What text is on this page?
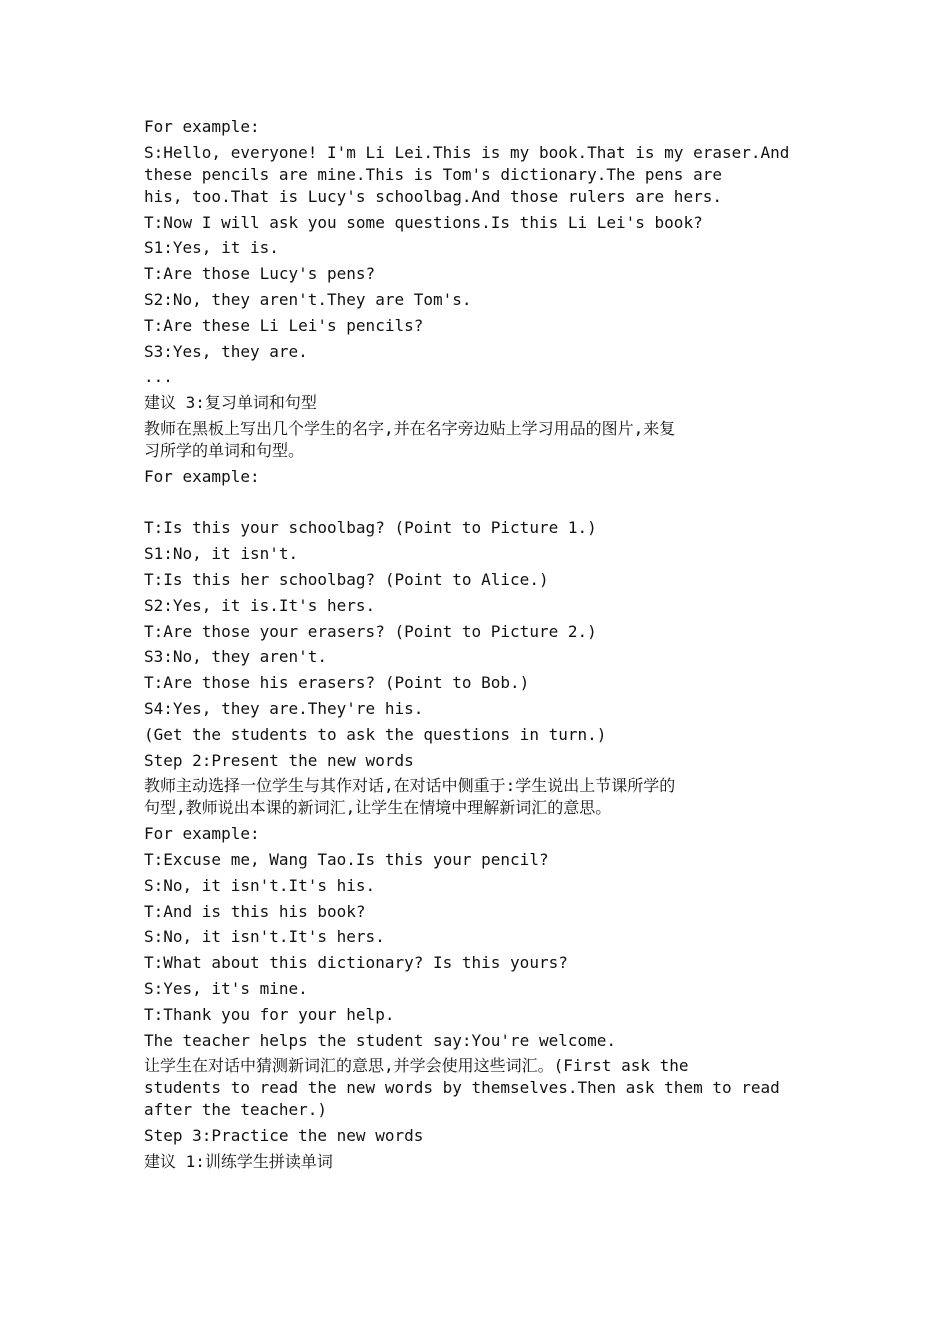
For example:
S:Hello, everyone! I'm Li Lei.This is my book.That is my eraser.And
these pencils are mine.This is Tom's dictionary.The pens are
his, too.That is Lucy's schoolbag.And those rulers are hers.
T:Now I will ask you some questions.Is this Li Lei's book?
S1:Yes, it is.
T:Are those Lucy's pens?
S2:No, they aren't.They are Tom's.
T:Are these Li Lei's pencils?
S3:Yes, they are.
...
建议 3:复习单词和句型
教师在黑板上写出几个学生的名字,并在名字旁边贴上学习用品的图片,来复
习所学的单词和句型。
For example:
T:Is this your schoolbag? (Point to Picture 1.)
S1:No, it isn't.
T:Is this her schoolbag? (Point to Alice.)
S2:Yes, it is.It's hers.
T:Are those your erasers? (Point to Picture 2.)
S3:No, they aren't.
T:Are those his erasers? (Point to Bob.)
S4:Yes, they are.They're his.
(Get the students to ask the questions in turn.)
Step 2:Present the new words
教师主动选择一位学生与其作对话,在对话中侧重于:学生说出上节课所学的
句型,教师说出本课的新词汇,让学生在情境中理解新词汇的意思。
For example:
T:Excuse me, Wang Tao.Is this your pencil?
S:No, it isn't.It's his.
T:And is this his book?
S:No, it isn't.It's hers.
T:What about this dictionary? Is this yours?
S:Yes, it's mine.
T:Thank you for your help.
The teacher helps the student say:You're welcome.
让学生在对话中猜测新词汇的意思,并学会使用这些词汇。(First ask the
students to read the new words by themselves.Then ask them to read
after the teacher.)
Step 3:Practice the new words
建议 1:训练学生拼读单词
